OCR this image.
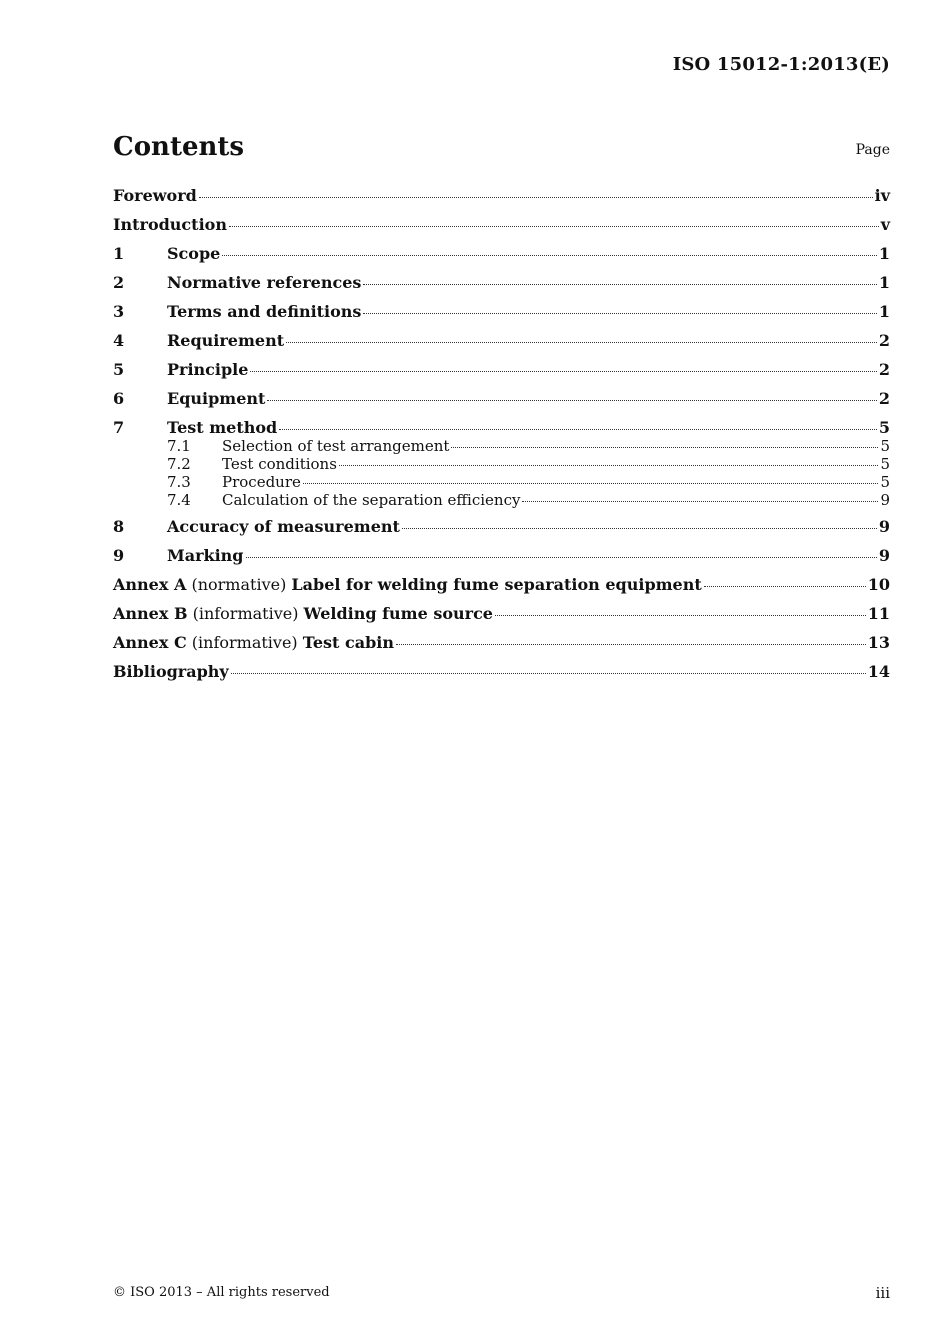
ISO 15012-1:2013(E)
Contents	Page
Foreword	iv
Introduction	v
1	Scope	1
2	Normative references	1
3	Terms and definitions	1
4	Requirement	2
5	Principle	2
6	Equipment	2
7	Test method	5
7.1	Selection of test arrangement	5
7.2	Test conditions	5
7.3	Procedure	5
7.4	Calculation of the separation efficiency	9
8	Accuracy of measurement	9
9	Marking	9
Annex A (normative) Label for welding fume separation equipment	10
Annex B (informative) Welding fume source	11
Annex C (informative) Test cabin	13
Bibliography	14
© ISO 2013 – All rights reserved	iii
